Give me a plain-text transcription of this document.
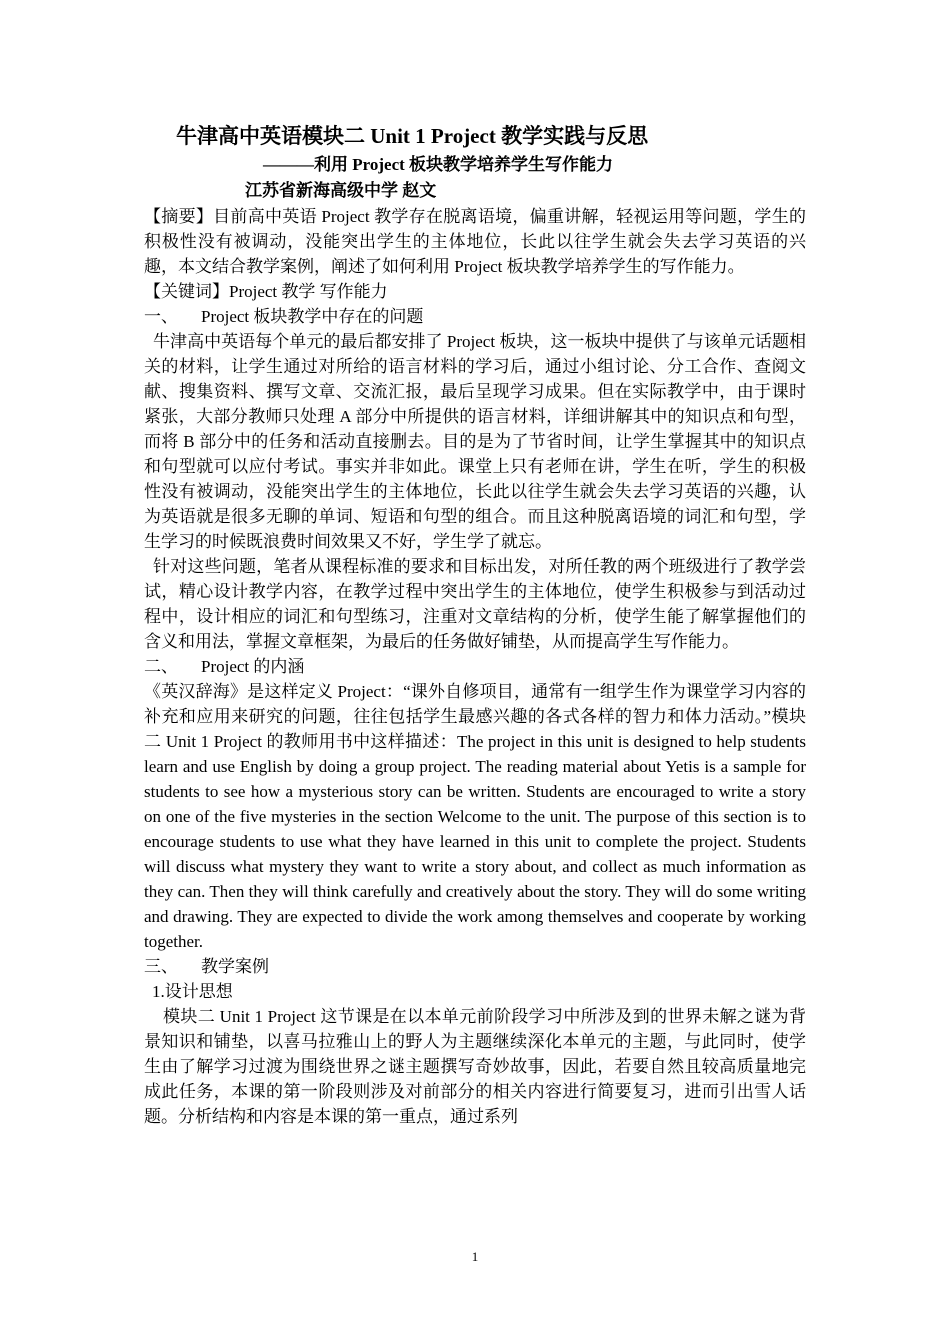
牛津高中英语模块二 Unit 1 Project 教学实践与反思
———利用 Project 板块教学培养学生写作能力
江苏省新海高级中学 赵文

【摘要】目前高中英语 Project 教学存在脱离语境，偏重讲解，轻视运用等问题，学生的积极性没有被调动，没能突出学生的主体地位，长此以往学生就会失去学习英语的兴趣，本文结合教学案例，阐述了如何利用 Project 板块教学培养学生的写作能力。

【关键词】Project 教学 写作能力

一、 Project 板块教学中存在的问题

牛津高中英语每个单元的最后都安排了 Project 板块，这一板块中提供了与该单元话题相关的材料，让学生通过对所给的语言材料的学习后，通过小组讨论、分工合作、查阅文献、搜集资料、撰写文章、交流汇报，最后呈现学习成果。但在实际教学中，由于课时紧张，大部分教师只处理 A 部分中所提供的语言材料，详细讲解其中的知识点和句型，而将 B 部分中的任务和活动直接删去。目的是为了节省时间，让学生掌握其中的知识点和句型就可以应付考试。事实并非如此。课堂上只有老师在讲，学生在听，学生的积极性没有被调动，没能突出学生的主体地位，长此以往学生就会失去学习英语的兴趣，认为英语就是很多无聊的单词、短语和句型的组合。而且这种脱离语境的词汇和句型，学生学习的时候既浪费时间效果又不好，学生学了就忘。

针对这些问题，笔者从课程标准的要求和目标出发，对所任教的两个班级进行了教学尝试，精心设计教学内容，在教学过程中突出学生的主体地位，使学生积极参与到活动过程中，设计相应的词汇和句型练习，注重对文章结构的分析，使学生能了解掌握他们的含义和用法，掌握文章框架，为最后的任务做好铺垫，从而提高学生写作能力。

二、 Project 的内涵

《英汉辞海》是这样定义 Project：“课外自修项目，通常有一组学生作为课堂学习内容的补充和应用来研究的问题，往往包括学生最感兴趣的各式各样的智力和体力活动。”模块二 Unit 1 Project 的教师用书中这样描述：The project in this unit is designed to help students learn and use English by doing a group project. The reading material about Yetis is a sample for students to see how a mysterious story can be written. Students are encouraged to write a story on one of the five mysteries in the section Welcome to the unit. The purpose of this section is to encourage students to use what they have learned in this unit to complete the project. Students will discuss what mystery they want to write a story about, and collect as much information as they can. Then they will think carefully and creatively about the story. They will do some writing and drawing. They are expected to divide the work among themselves and cooperate by working together.

三、 教学案例

1.设计思想

模块二 Unit 1 Project 这节课是在以本单元前阶段学习中所涉及到的世界未解之谜为背景知识和铺垫，以喜马拉雅山上的野人为主题继续深化本单元的主题，与此同时，使学生由了解学习过渡为围绕世界之谜主题撰写奇妙故事，因此，若要自然且较高质量地完成此任务，本课的第一阶段则涉及对前部分的相关内容进行简要复习，进而引出雪人话题。分析结构和内容是本课的第一重点，通过系列

1
